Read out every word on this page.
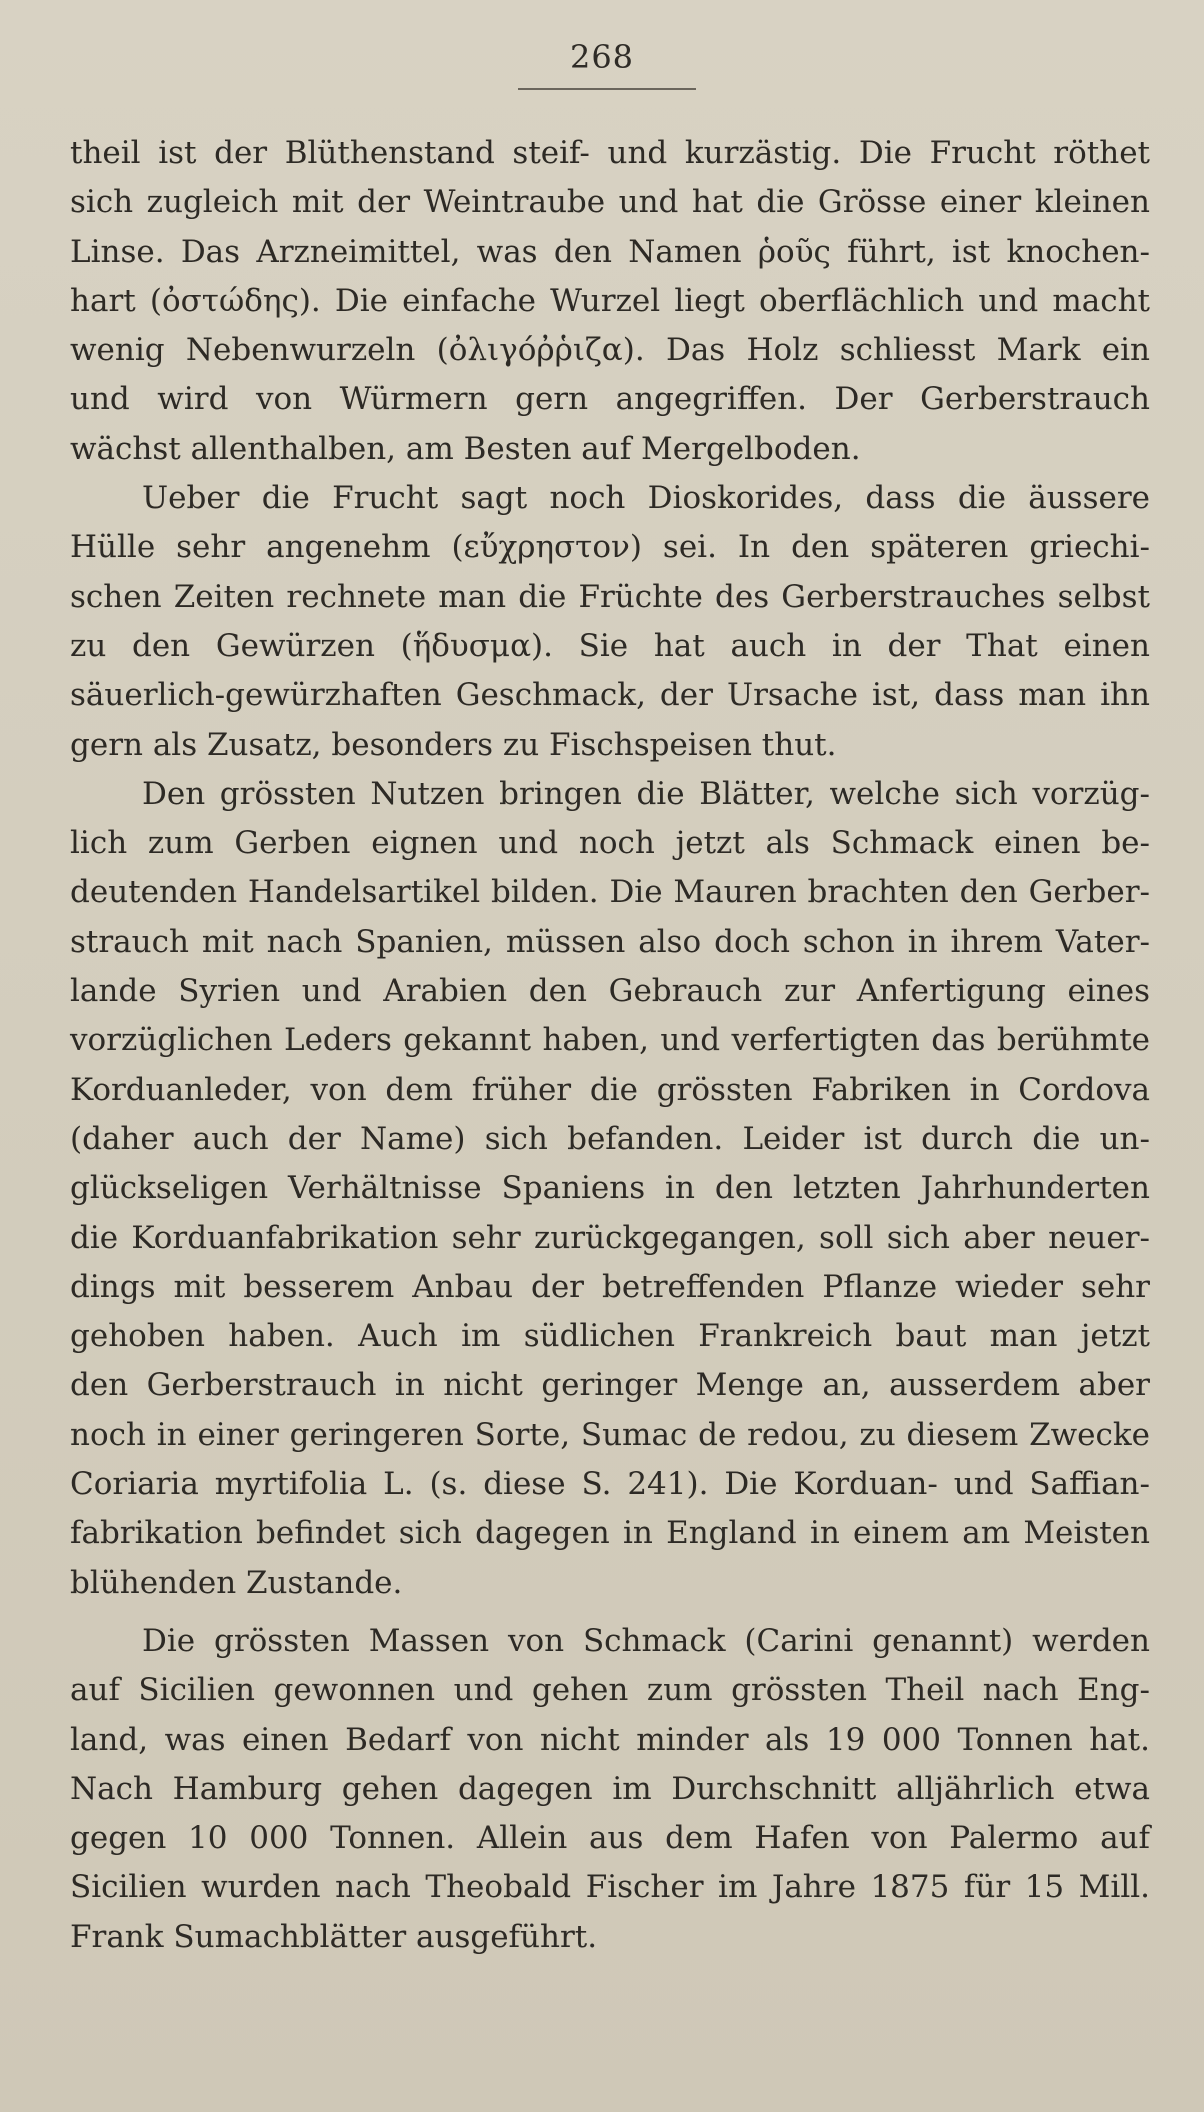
268
theil ist der Blüthenstand steif- und kurzästig. Die Frucht röthet
sich zugleich mit der Weintraube und hat die Grösse einer kleinen
Linse. Das Arzneimittel, was den Namen ῥοῦς führt, ist knochen-
hart (ὀστώδης). Die einfache Wurzel liegt oberflächlich und macht
wenig Nebenwurzeln (ὀλιγόῤῥιζα). Das Holz schliesst Mark ein
und wird von Würmern gern angegriffen. Der Gerberstrauch
wächst allenthalben, am Besten auf Mergelboden.
Ueber die Frucht sagt noch Dioskorides, dass die äussere
Hülle sehr angenehm (εὔχρηστον) sei. In den späteren griechi-
schen Zeiten rechnete man die Früchte des Gerberstrauches selbst
zu den Gewürzen (ἥδυσμα). Sie hat auch in der That einen
säuerlich-gewürzhaften Geschmack, der Ursache ist, dass man ihn
gern als Zusatz, besonders zu Fischspeisen thut.
Den grössten Nutzen bringen die Blätter, welche sich vorzüg-
lich zum Gerben eignen und noch jetzt als Schmack einen be-
deutenden Handelsartikel bilden. Die Mauren brachten den Gerber-
strauch mit nach Spanien, müssen also doch schon in ihrem Vater-
lande Syrien und Arabien den Gebrauch zur Anfertigung eines
vorzüglichen Leders gekannt haben, und verfertigten das berühmte
Korduanleder, von dem früher die grössten Fabriken in Cordova
(daher auch der Name) sich befanden. Leider ist durch die un-
glückseligen Verhältnisse Spaniens in den letzten Jahrhunderten
die Korduanfabrikation sehr zurückgegangen, soll sich aber neuer-
dings mit besserem Anbau der betreffenden Pflanze wieder sehr
gehoben haben. Auch im südlichen Frankreich baut man jetzt
den Gerberstrauch in nicht geringer Menge an, ausserdem aber
noch in einer geringeren Sorte, Sumac de redou, zu diesem Zwecke
Coriaria myrtifolia L. (s. diese S. 241). Die Korduan- und Saffian-
fabrikation befindet sich dagegen in England in einem am Meisten
blühenden Zustande.
Die grössten Massen von Schmack (Carini genannt) werden
auf Sicilien gewonnen und gehen zum grössten Theil nach Eng-
land, was einen Bedarf von nicht minder als 19 000 Tonnen hat.
Nach Hamburg gehen dagegen im Durchschnitt alljährlich etwa
gegen 10 000 Tonnen. Allein aus dem Hafen von Palermo auf
Sicilien wurden nach Theobald Fischer im Jahre 1875 für 15 Mill.
Frank Sumachblätter ausgeführt.
